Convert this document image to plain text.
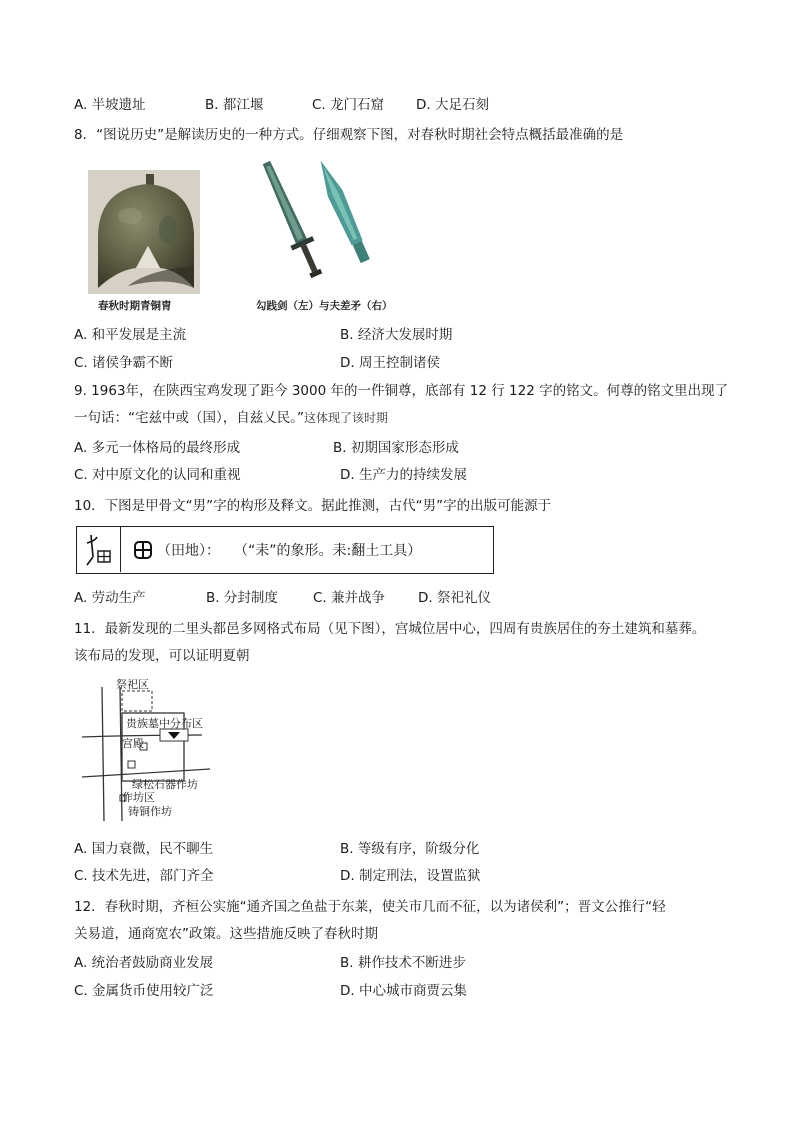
A. 半坡遗址	B. 都江堰	C. 龙门石窟 D. 大足石刻
8．“图说历史”是解读历史的一种方式。仔细观察下图，对春秋时期社会特点概括最准确的是
春秋时期青铜胄	勾践剑（左）与夫差矛（右）
A. 和平发展是主流	B. 经济大发展时期
C. 诸侯争霸不断	D. 周王控制诸侯
9. 1963年，在陕西宝鸡发现了距今 3000 年的一件铜尊，底部有 12 行 122 字的铭文。何尊的铭文里出现了
一句话：“宅兹中或（国），自兹乂民。”这体现了该时期
A. 多元一体格局的最终形成	B. 初期国家形态形成
C. 对中原文化的认同和重视	D. 生产力的持续发展
10．下图是甲骨文“男”字的构形及释文。据此推测，古代“男”字的出版可能源于
（田地）：　　（“耒”的象形。耒:翻土工具）
A. 劳动生产	B. 分封制度	C. 兼并战争 D. 祭祀礼仪
11．最新发现的二里头都邑多网格式布局（见下图），宫城位居中心，四周有贵族居住的夯土建筑和墓葬。
该布局的发现，可以证明夏朝
祭祀区
贵族墓中分布区
宫殿
绿松石器作坊
作坊区
铸铜作坊
A. 国力衰微，民不聊生	B. 等级有序，阶级分化
C. 技术先进，部门齐全	D. 制定刑法，设置监狱
12．春秋时期，齐桓公实施“通齐国之鱼盐于东莱，使关市几而不征，以为诸侯利”；晋文公推行“轻
关易道，通商宽农”政策。这些措施反映了春秋时期
A. 统治者鼓励商业发展	B. 耕作技术不断进步
C. 金属货币使用较广泛	D. 中心城市商贾云集
